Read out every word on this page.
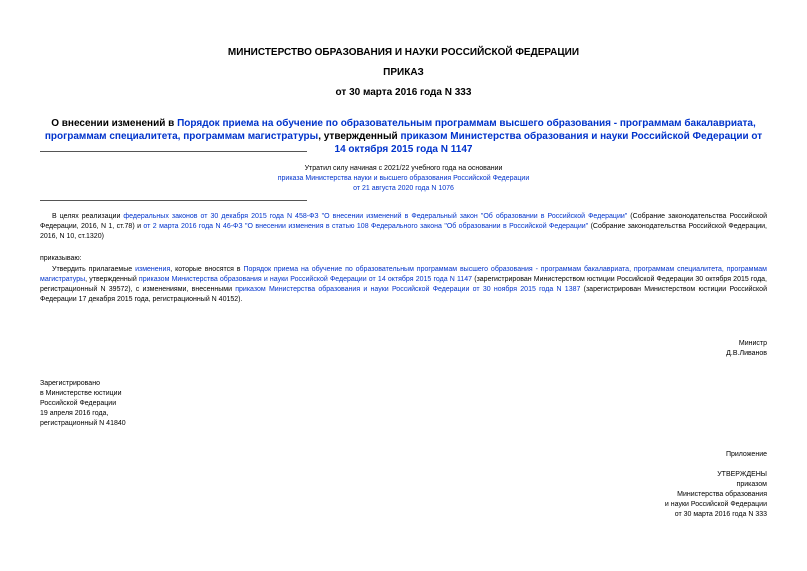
МИНИСТЕРСТВО ОБРАЗОВАНИЯ И НАУКИ РОССИЙСКОЙ ФЕДЕРАЦИИ
ПРИКАЗ
от 30 марта 2016 года N 333
О внесении изменений в Порядок приема на обучение по образовательным программам высшего образования - программам бакалавриата, программам специалитета, программам магистратуры, утвержденный приказом Министерства образования и науки Российской Федерации от 14 октября 2015 года N 1147
Утратил силу начиная с 2021/22 учебного года на основании
приказа Министерства науки и высшего образования Российской Федерации
от 21 августа 2020 года N 1076
В целях реализации федеральных законов от 30 декабря 2015 года N 458-ФЗ "О внесении изменений в Федеральный закон "Об образовании в Российской Федерации" (Собрание законодательства Российской Федерации, 2016, N 1, ст.78) и от 2 марта 2016 года N 46-ФЗ "О внесении изменения в статью 108 Федерального закона "Об образовании в Российской Федерации" (Собрание законодательства Российской Федерации, 2016, N 10, ст.1320)
приказываю:
Утвердить прилагаемые изменения, которые вносятся в Порядок приема на обучение по образовательным программам высшего образования - программам бакалавриата, программам специалитета, программам магистратуры, утвержденный приказом Министерства образования и науки Российской Федерации от 14 октября 2015 года N 1147 (зарегистрирован Министерством юстиции Российской Федерации 30 октября 2015 года, регистрационный N 39572), с изменениями, внесенными приказом Министерства образования и науки Российской Федерации от 30 ноября 2015 года N 1387 (зарегистрирован Министерством юстиции Российской Федерации 17 декабря 2015 года, регистрационный N 40152).
Министр
Д.В.Ливанов
Зарегистрировано
в Министерстве юстиции
Российской Федерации
19 апреля 2016 года,
регистрационный N 41840
Приложение
УТВЕРЖДЕНЫ
приказом
Министерства образования
и науки Российской Федерации
от 30 марта 2016 года N 333
